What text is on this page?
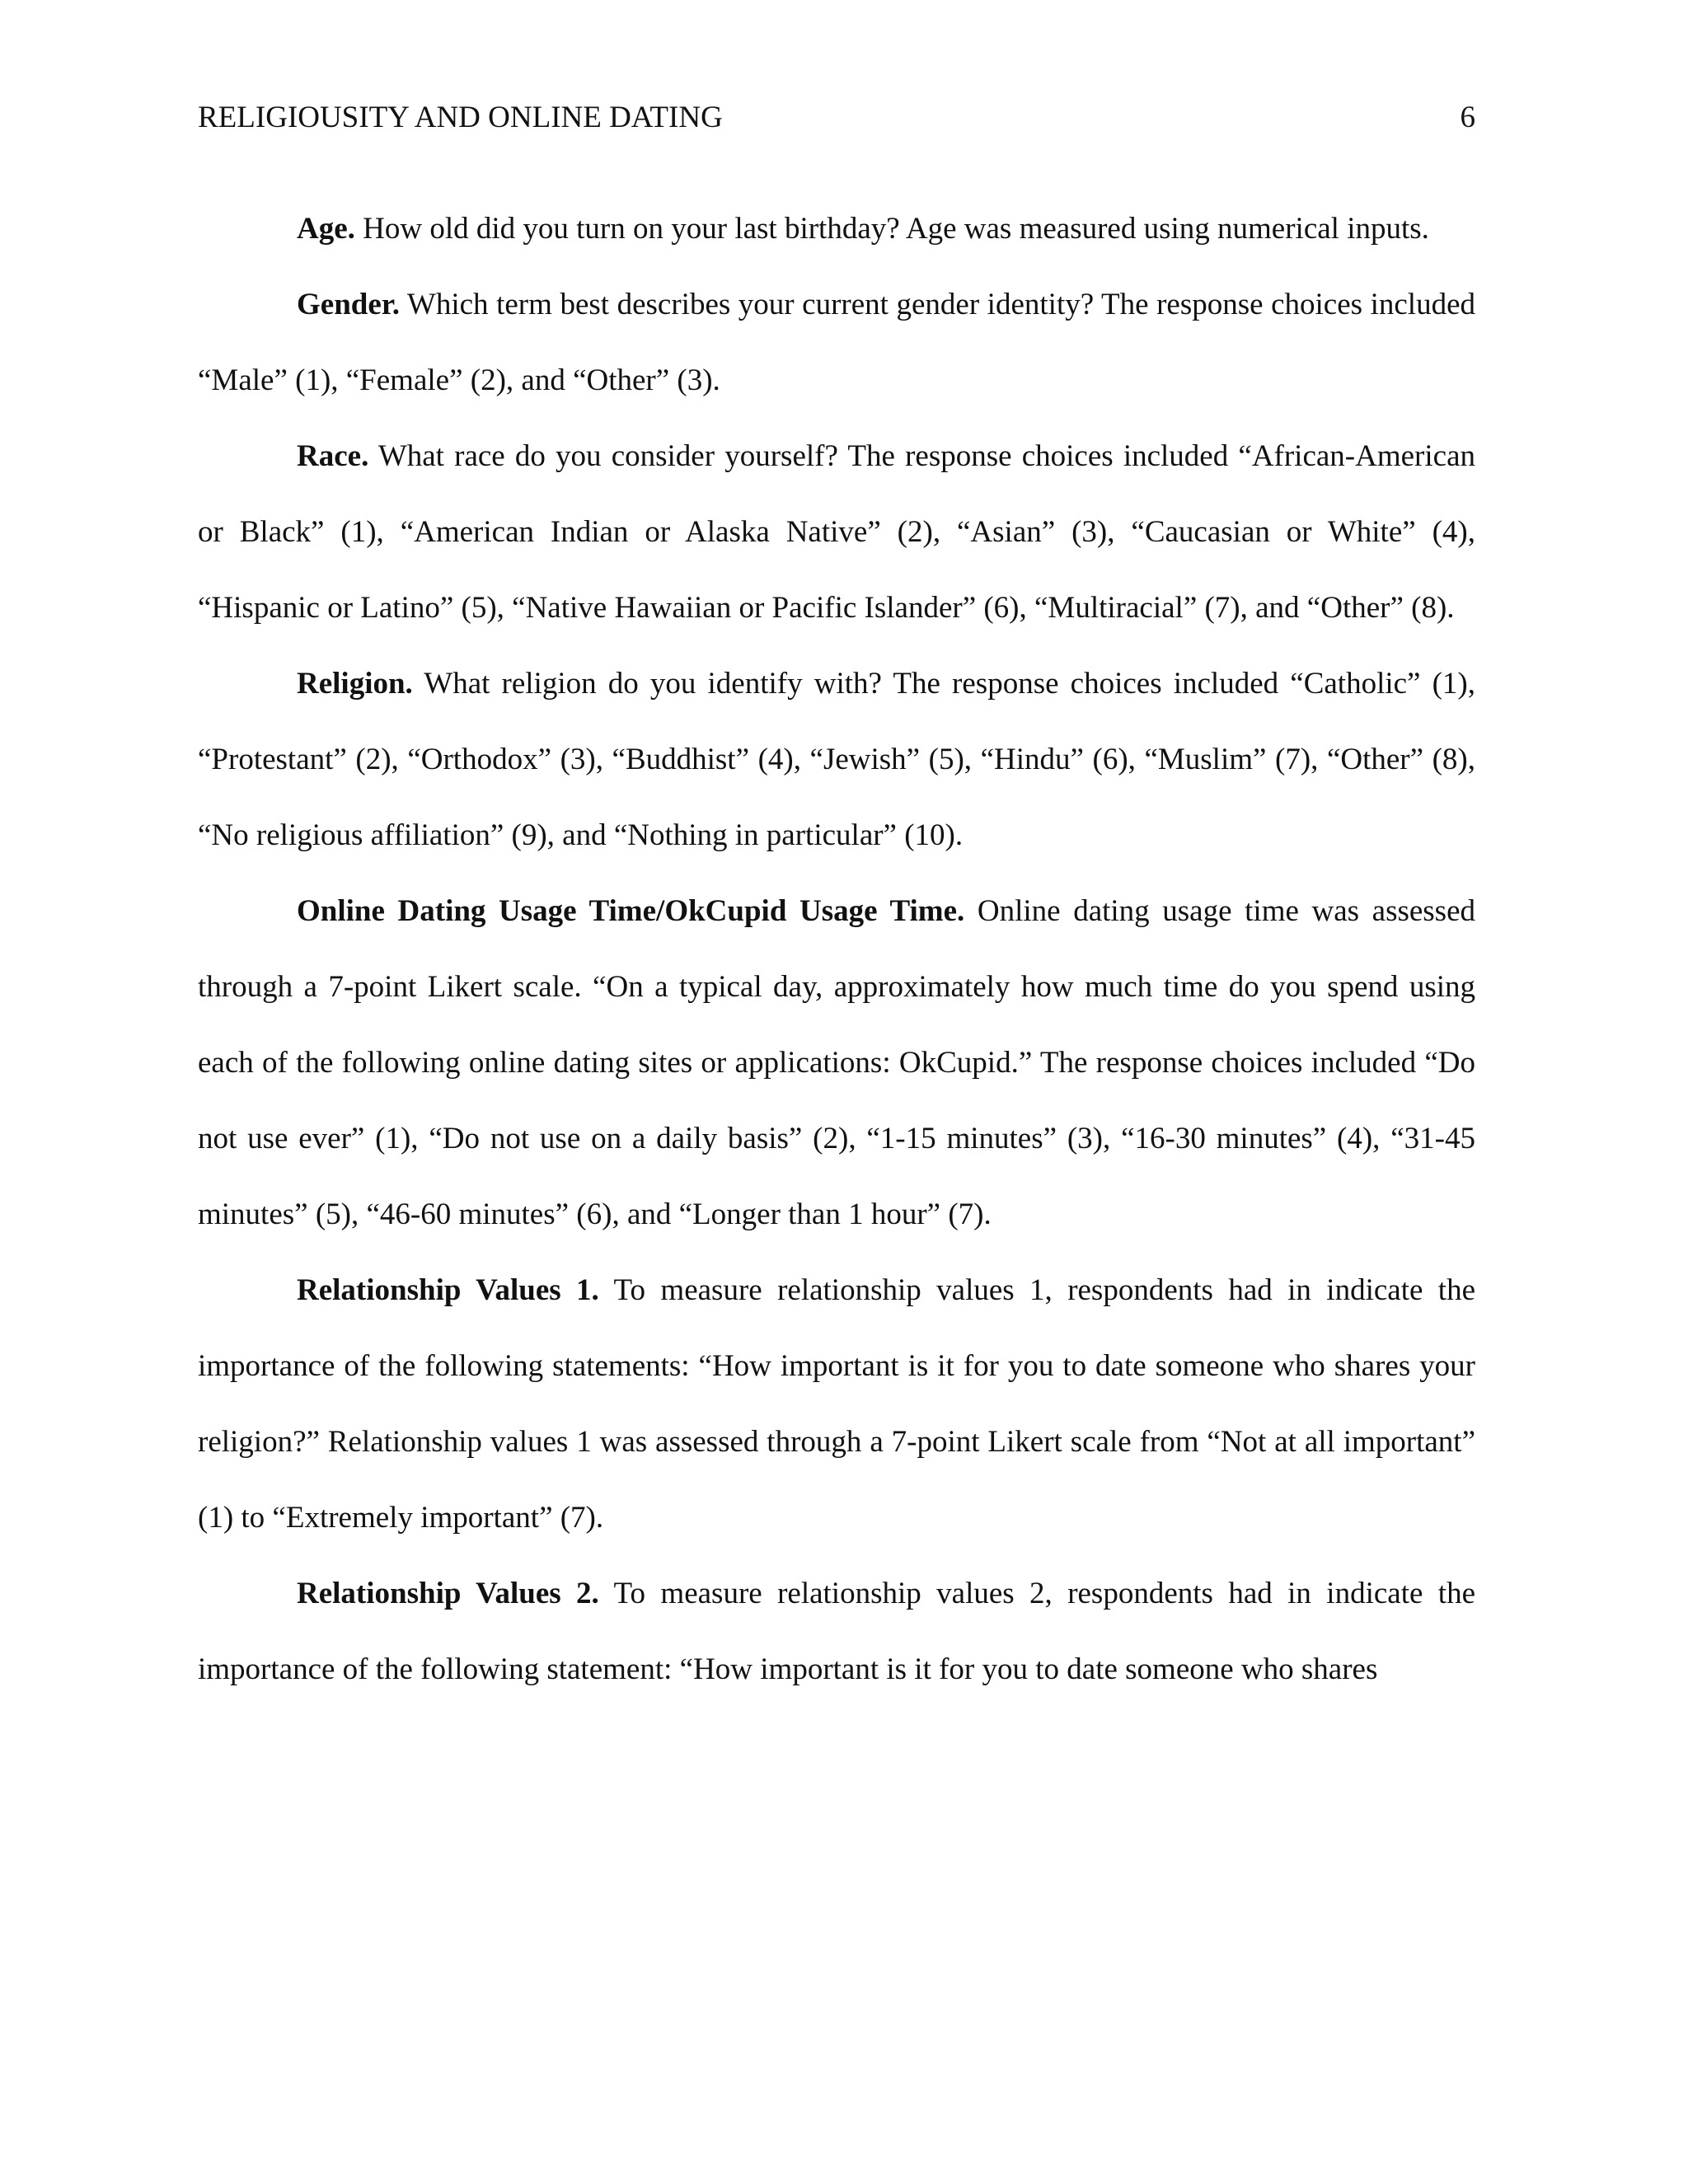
RELIGIOUSITY AND ONLINE DATING	6

Age. How old did you turn on your last birthday? Age was measured using numerical inputs.

Gender. Which term best describes your current gender identity? The response choices included “Male” (1), “Female” (2), and “Other” (3).

Race. What race do you consider yourself? The response choices included “African-American or Black” (1), “American Indian or Alaska Native” (2), “Asian” (3), “Caucasian or White” (4), “Hispanic or Latino” (5), “Native Hawaiian or Pacific Islander” (6), “Multiracial” (7), and “Other” (8).

Religion. What religion do you identify with? The response choices included “Catholic” (1), “Protestant” (2), “Orthodox” (3), “Buddhist” (4), “Jewish” (5), “Hindu” (6), “Muslim” (7), “Other” (8), “No religious affiliation” (9), and “Nothing in particular” (10).

Online Dating Usage Time/OkCupid Usage Time. Online dating usage time was assessed through a 7-point Likert scale. “On a typical day, approximately how much time do you spend using each of the following online dating sites or applications: OkCupid.” The response choices included “Do not use ever” (1), “Do not use on a daily basis” (2), “1-15 minutes” (3), “16-30 minutes” (4), “31-45 minutes” (5), “46-60 minutes” (6), and “Longer than 1 hour” (7).

Relationship Values 1. To measure relationship values 1, respondents had in indicate the importance of the following statements: “How important is it for you to date someone who shares your religion?” Relationship values 1 was assessed through a 7-point Likert scale from “Not at all important” (1) to “Extremely important” (7).

Relationship Values 2. To measure relationship values 2, respondents had in indicate the importance of the following statement: “How important is it for you to date someone who shares
